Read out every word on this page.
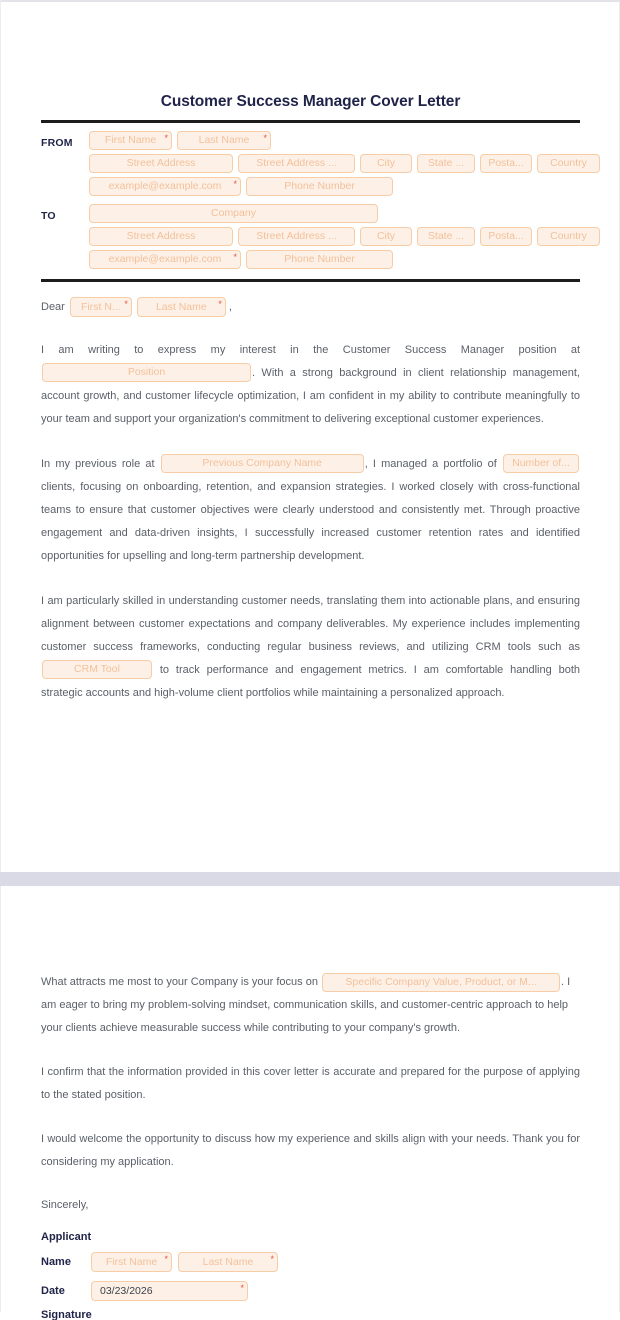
Customer Success Manager Cover Letter
FROM	First Name *	Last Name *
Street Address	Street Address ...	City	State ...	Posta...	Country
example@example.com *	Phone Number
TO	Company
Street Address	Street Address ...	City	State ...	Posta...	Country
example@example.com *	Phone Number
Dear First N... *	Last Name * ,

I am writing to express my interest in the Customer Success Manager position at Position	. With a strong background in client relationship management, account growth, and customer lifecycle optimization, I am confident in my ability to contribute meaningfully to your team and support your organization's commitment to delivering exceptional customer experiences.

In my previous role at	Previous Company Name	, I managed a portfolio of Number of... clients, focusing on onboarding, retention, and expansion strategies. I worked closely with cross-functional teams to ensure that customer objectives were clearly understood and consistently met. Through proactive engagement and data-driven insights, I successfully increased customer retention rates and identified opportunities for upselling and long-term partnership development.

I am particularly skilled in understanding customer needs, translating them into actionable plans, and ensuring alignment between customer expectations and company deliverables. My experience includes implementing customer success frameworks, conducting regular business reviews, and utilizing CRM tools such as CRM Tool	to track performance and engagement metrics. I am comfortable handling both strategic accounts and high-volume client portfolios while maintaining a personalized approach.

What attracts me most to your Company is your focus on	Specific Company Value, Product, or M... . I am eager to bring my problem-solving mindset, communication skills, and customer-centric approach to help your clients achieve measurable success while contributing to your company's growth.

I confirm that the information provided in this cover letter is accurate and prepared for the purpose of applying to the stated position.

I would welcome the opportunity to discuss how my experience and skills align with your needs. Thank you for considering my application.

Sincerely,
Applicant
Name	First Name *	Last Name *
Date	03/23/2026	*
Signature
